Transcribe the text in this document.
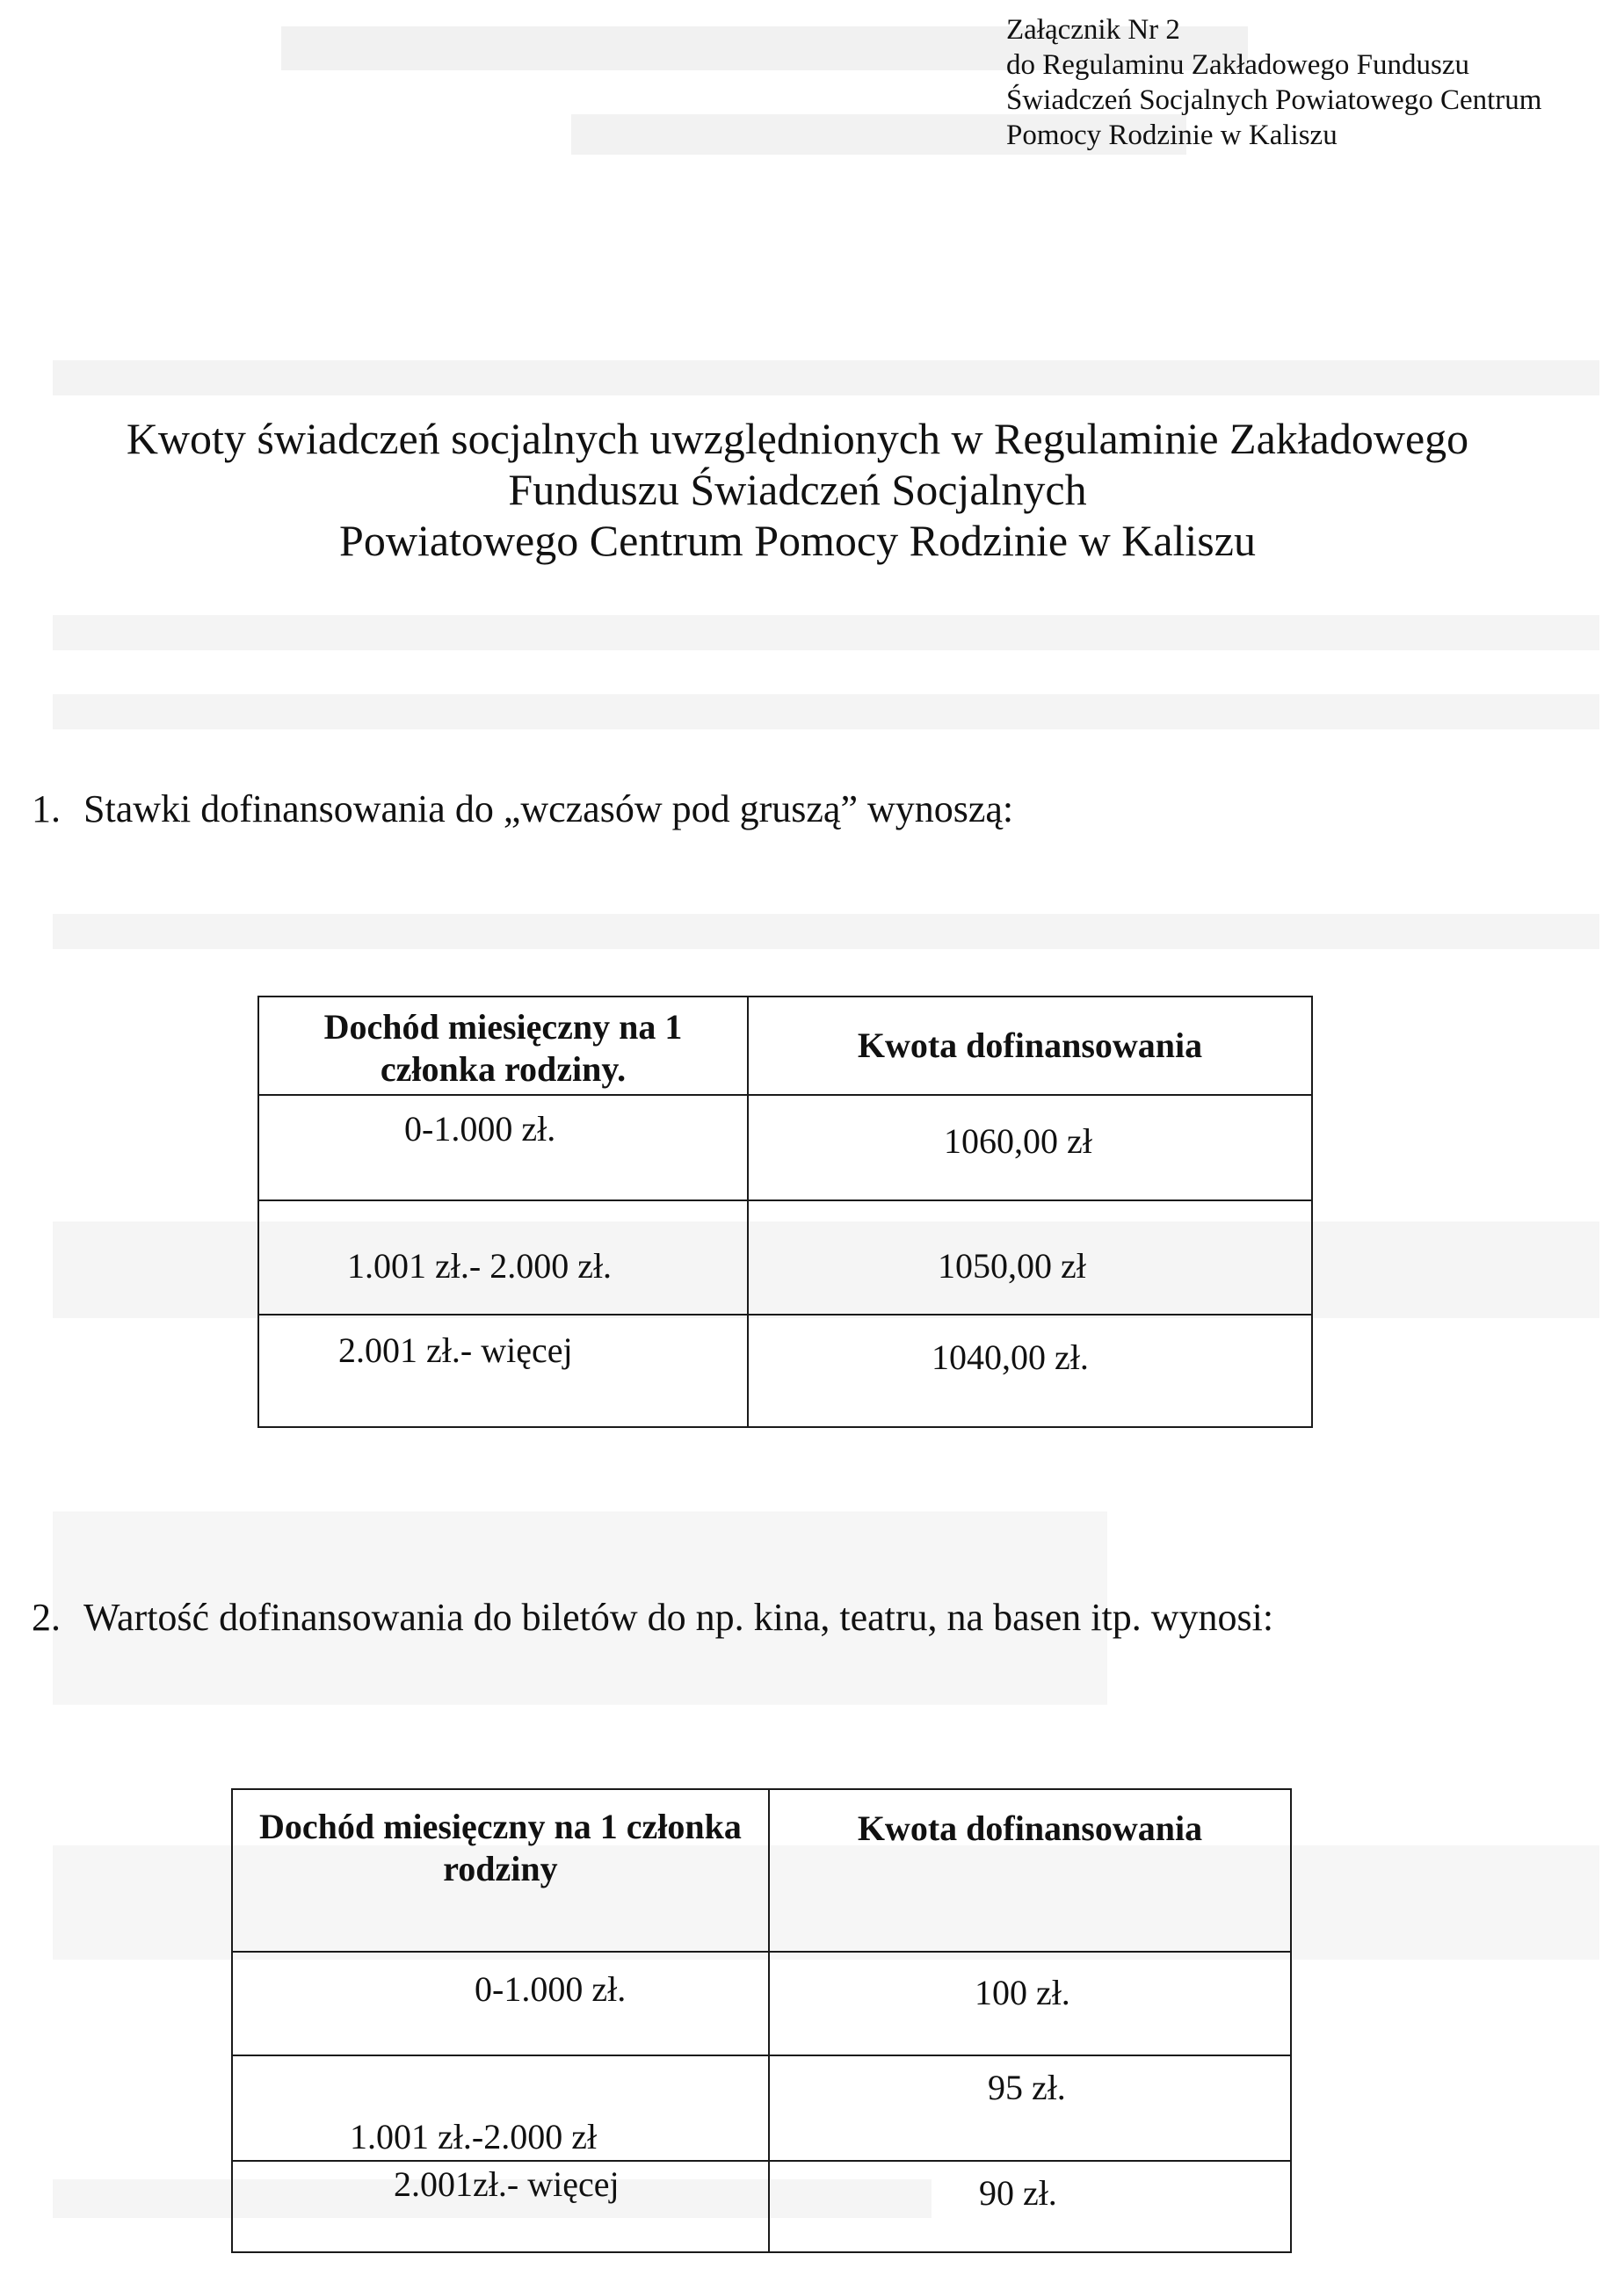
Załącznik Nr 2
do Regulaminu Zakładowego Funduszu
Świadczeń Socjalnych Powiatowego Centrum
Pomocy Rodzinie w Kaliszu
Kwoty świadczeń socjalnych uwzględnionych w Regulaminie Zakładowego
Funduszu Świadczeń Socjalnych
Powiatowego Centrum Pomocy Rodzinie w Kaliszu
1. Stawki dofinansowania do „wczasów pod gruszą” wynoszą:
Dochód miesięczny na 1 członka rodziny.	Kwota dofinansowania

0-1.000 zł.	1060,00 zł

1.001 zł.- 2.000 zł.	1050,00 zł

2.001 zł.- więcej	1040,00 zł.
2. Wartość dofinansowania do biletów do np. kina, teatru, na basen itp. wynosi:
Dochód miesięczny na 1 członka rodziny	Kwota dofinansowania

0-1.000 zł.	100 zł.

1.001 zł.-2.000 zł	95 zł.

2.001zł.- więcej	90 zł.
